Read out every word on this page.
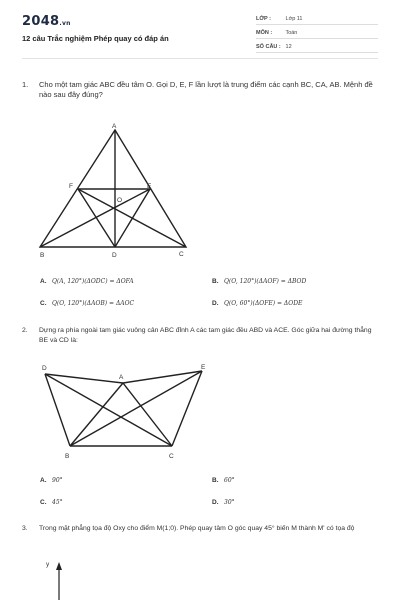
2048.vn
12 câu Trắc nghiệm Phép quay có đáp án
LỚP :	Lớp 11
MÔN : Toán
SỐ CÂU : 12
1. Cho một tam giác ABC đều tâm O. Gọi D, E, F lần lượt là trung điểm các cạnh BC, CA, AB. Mệnh đề nào sau đây đúng?
A
B	C
D
E
F
O
A. Q(A, 120°)(ΔODC) = ΔOFA	B. Q(O, 120°)(ΔAOF) = ΔBOD
C. Q(O, 120°)(ΔAOB) = ΔAOC	D. Q(O, 60°)(ΔOFE) = ΔODE
2. Dựng ra phía ngoài tam giác vuông cân ABC đỉnh A các tam giác đều ABD và ACE. Góc giữa hai đường thẳng BE và CD là:
D
A
E
B	C
A. 90°	B. 60°
C. 45°	D. 30°
3. Trong mặt phẳng tọa độ Oxy cho điểm M(1;0). Phép quay tâm O góc quay 45° biến M thành M' có tọa độ
y
